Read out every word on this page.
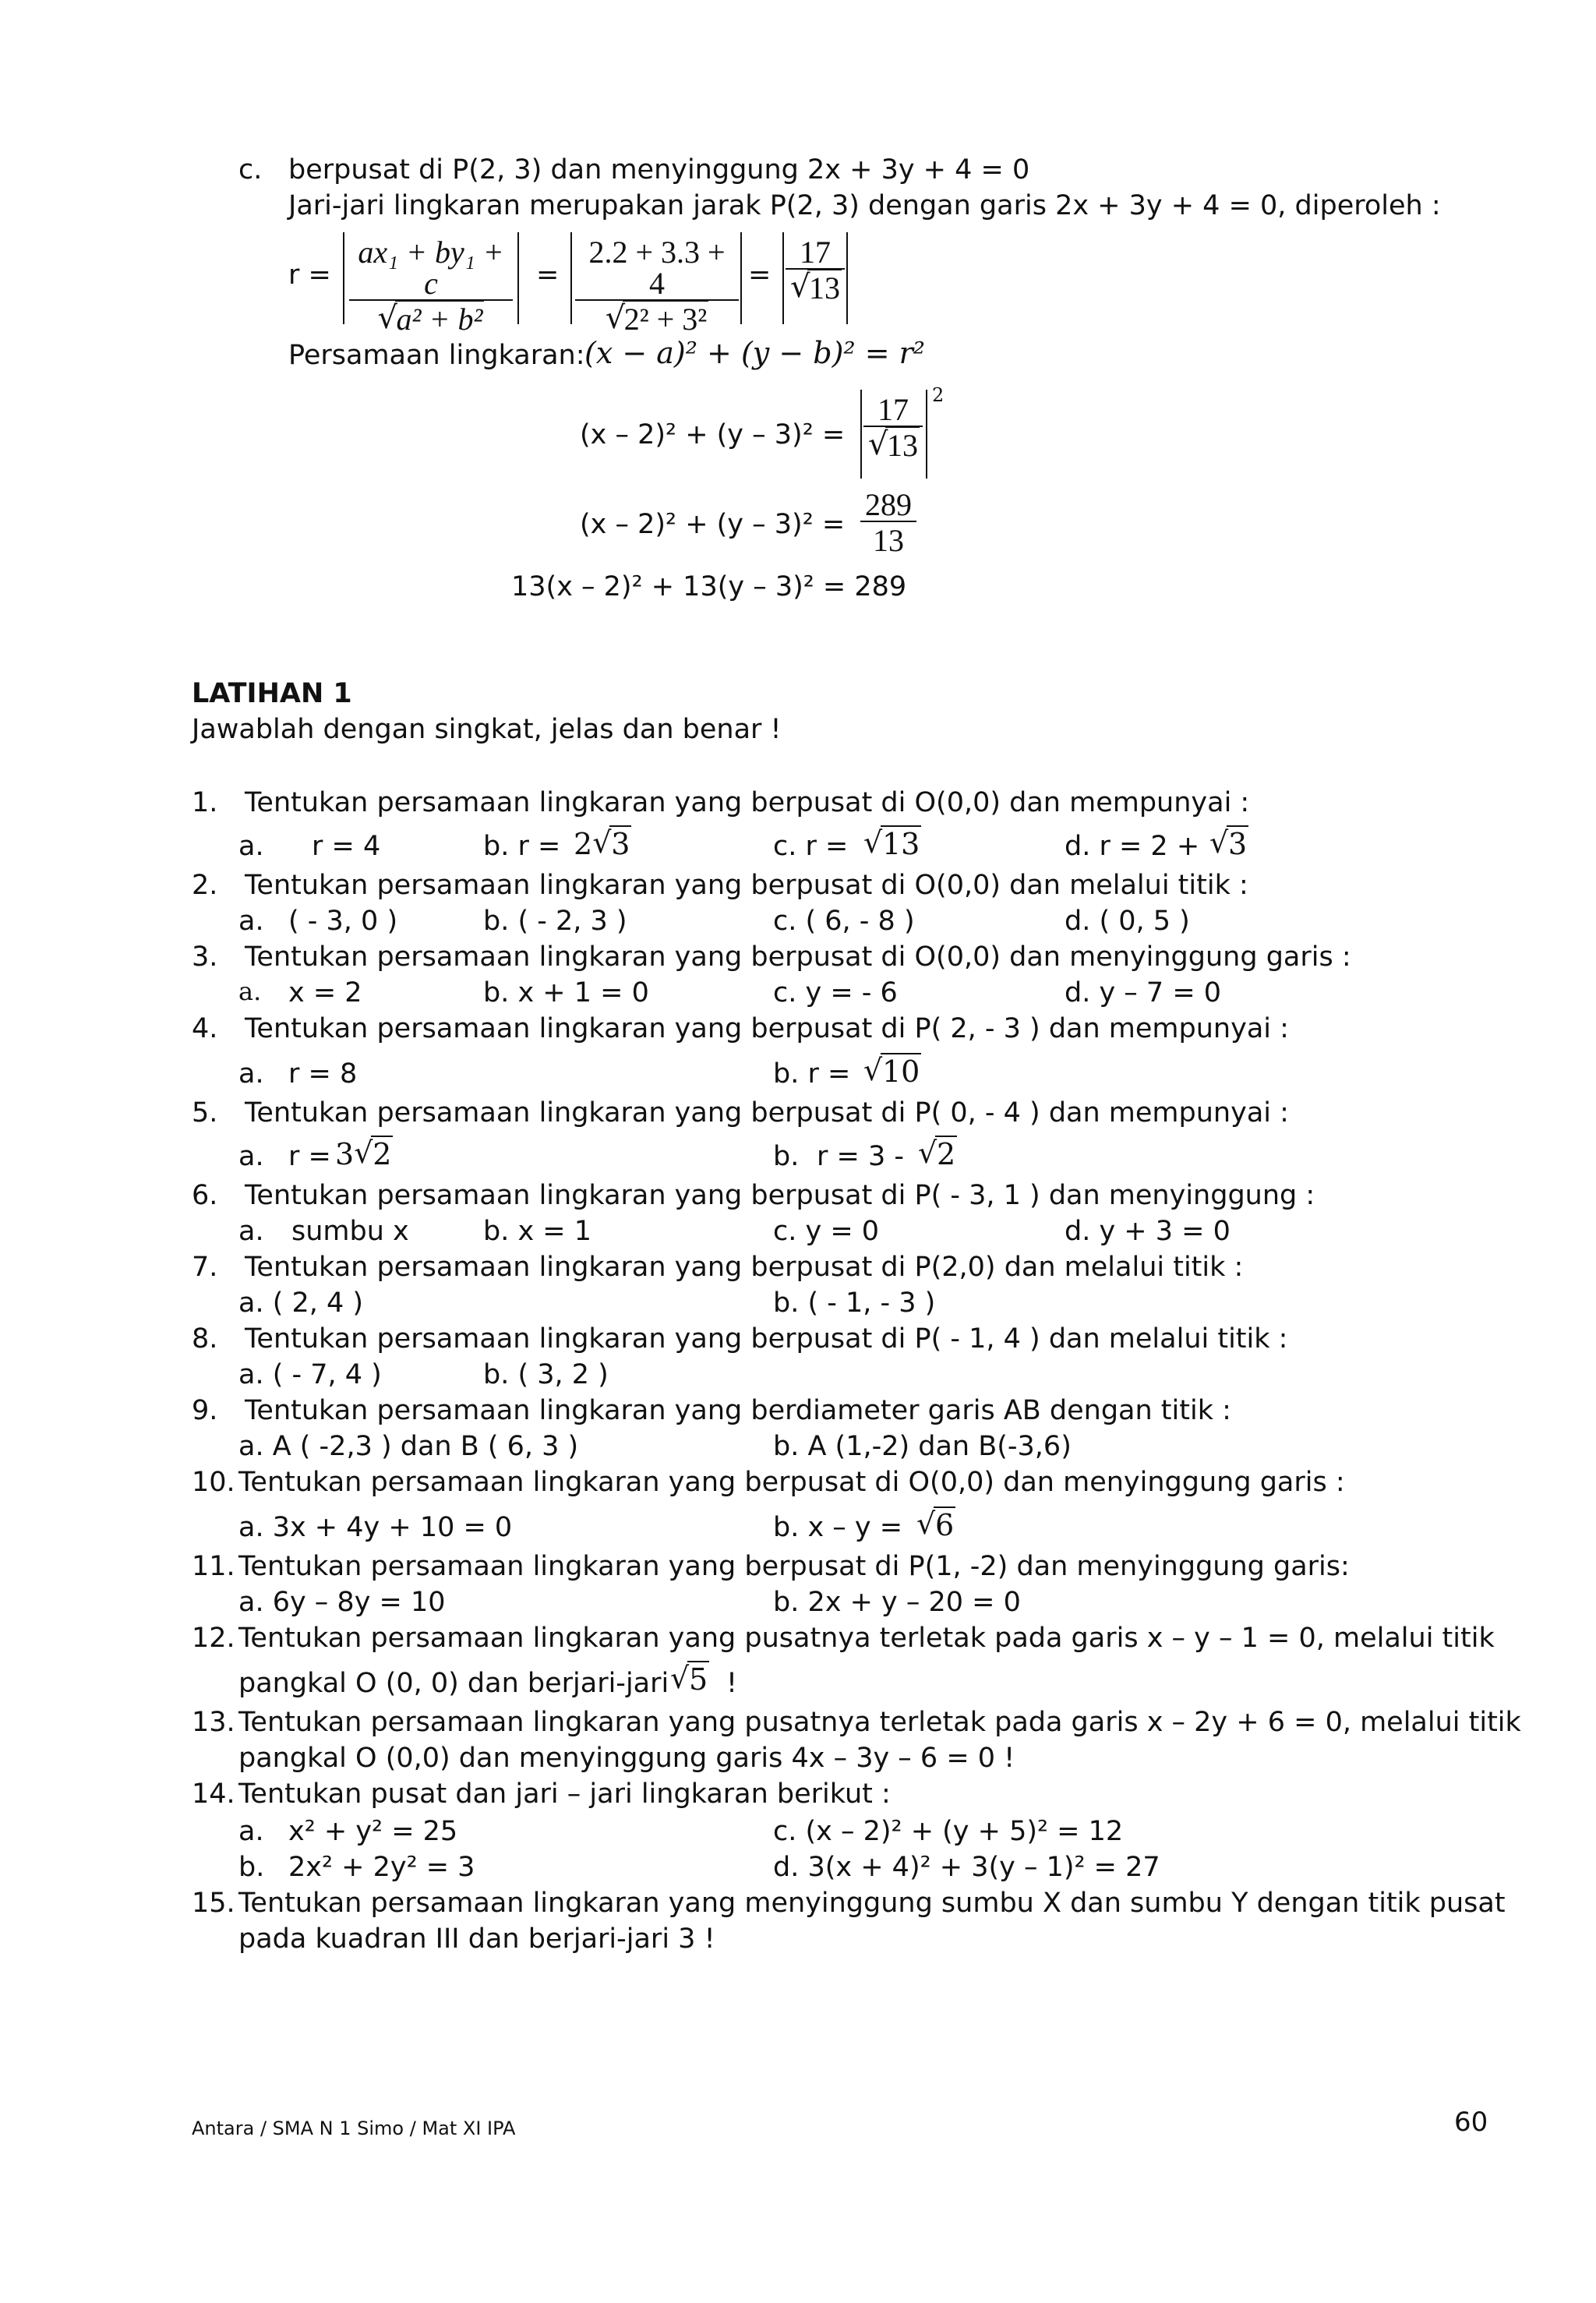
c. berpusat di P(2, 3) dan menyinggung 2x + 3y + 4 = 0
Jari-jari lingkaran merupakan jarak P(2, 3) dengan garis 2x + 3y + 4 = 0, diperoleh :
r = ax₁ + by₁ + c
√ a² + b² = 2.2 + 3.3 + 4
√ 2² + 3² = 17
√ 13
Persamaan lingkaran: (x − a)² + (y − b)² = r²
(x – 2)² + (y – 3)² = 17
√ 13 2
$(x - 2)^2 + (y - 3)^2 = \frac{289}{13}$
13(x – 2)² + 13(y – 3)² = 289
LATIHAN 1
Jawablah dengan singkat, jelas dan benar !
1. Tentukan persamaan lingkaran yang berpusat di O(0,0) dan mempunyai :
a. r = 4	b. r = 2 √ 3	c. r =	√ 13	d. r = 2 + √ 3
2. Tentukan persamaan lingkaran yang berpusat di O(0,0) dan melalui titik :
a. ( - 3, 0 )	b. ( - 2, 3 )	c. ( 6, - 8 )	d. ( 0, 5 )
3. Tentukan persamaan lingkaran yang berpusat di O(0,0) dan menyinggung garis :
a. x = 2	b. x + 1 = 0	c. y = - 6	d. y – 7 = 0
4. Tentukan persamaan lingkaran yang berpusat di P( 2, - 3 ) dan mempunyai :
a. r = 8	b. r =	√ 10
5. Tentukan persamaan lingkaran yang berpusat di P( 0, - 4 ) dan mempunyai :
a. r = 3 √ 2	b. r = 3 -	√ 2
6. Tentukan persamaan lingkaran yang berpusat di P( - 3, 1 ) dan menyinggung :
a. sumbu x	b. x = 1	c. y = 0	d. y + 3 = 0
7. Tentukan persamaan lingkaran yang berpusat di P(2,0) dan melalui titik :
a. ( 2, 4 )	b. ( - 1, - 3 )
8. Tentukan persamaan lingkaran yang berpusat di P( - 1, 4 ) dan melalui titik :
a. ( - 7, 4 )	b. ( 3, 2 )
9. Tentukan persamaan lingkaran yang berdiameter garis AB dengan titik :
a. A ( -2,3 ) dan B ( 6, 3 )	b. A (1,-2) dan B(-3,6)
10. Tentukan persamaan lingkaran yang berpusat di O(0,0) dan menyinggung garis :
a. 3x + 4y + 10 = 0	b. x – y =	√ 6
11. Tentukan persamaan lingkaran yang berpusat di P(1, -2) dan menyinggung garis:
a. 6y – 8y = 10	b. 2x + y – 20 = 0
12. Tentukan persamaan lingkaran yang pusatnya terletak pada garis x – y – 1 = 0, melalui titik
pangkal O (0, 0) dan berjari-jari √ 5 !
13. Tentukan persamaan lingkaran yang pusatnya terletak pada garis x – 2y + 6 = 0, melalui titik
pangkal O (0,0) dan menyinggung garis 4x – 3y – 6 = 0 !
14. Tentukan pusat dan jari – jari lingkaran berikut :
a. x² + y² = 25	c. (x – 2)² + (y + 5)² = 12
b. 2x² + 2y² = 3	d. 3(x + 4)² + 3(y – 1)² = 27
15. Tentukan persamaan lingkaran yang menyinggung sumbu X dan sumbu Y dengan titik pusat
pada kuadran III dan berjari-jari 3 !
Antara / SMA N 1 Simo / Mat XI IPA	60
